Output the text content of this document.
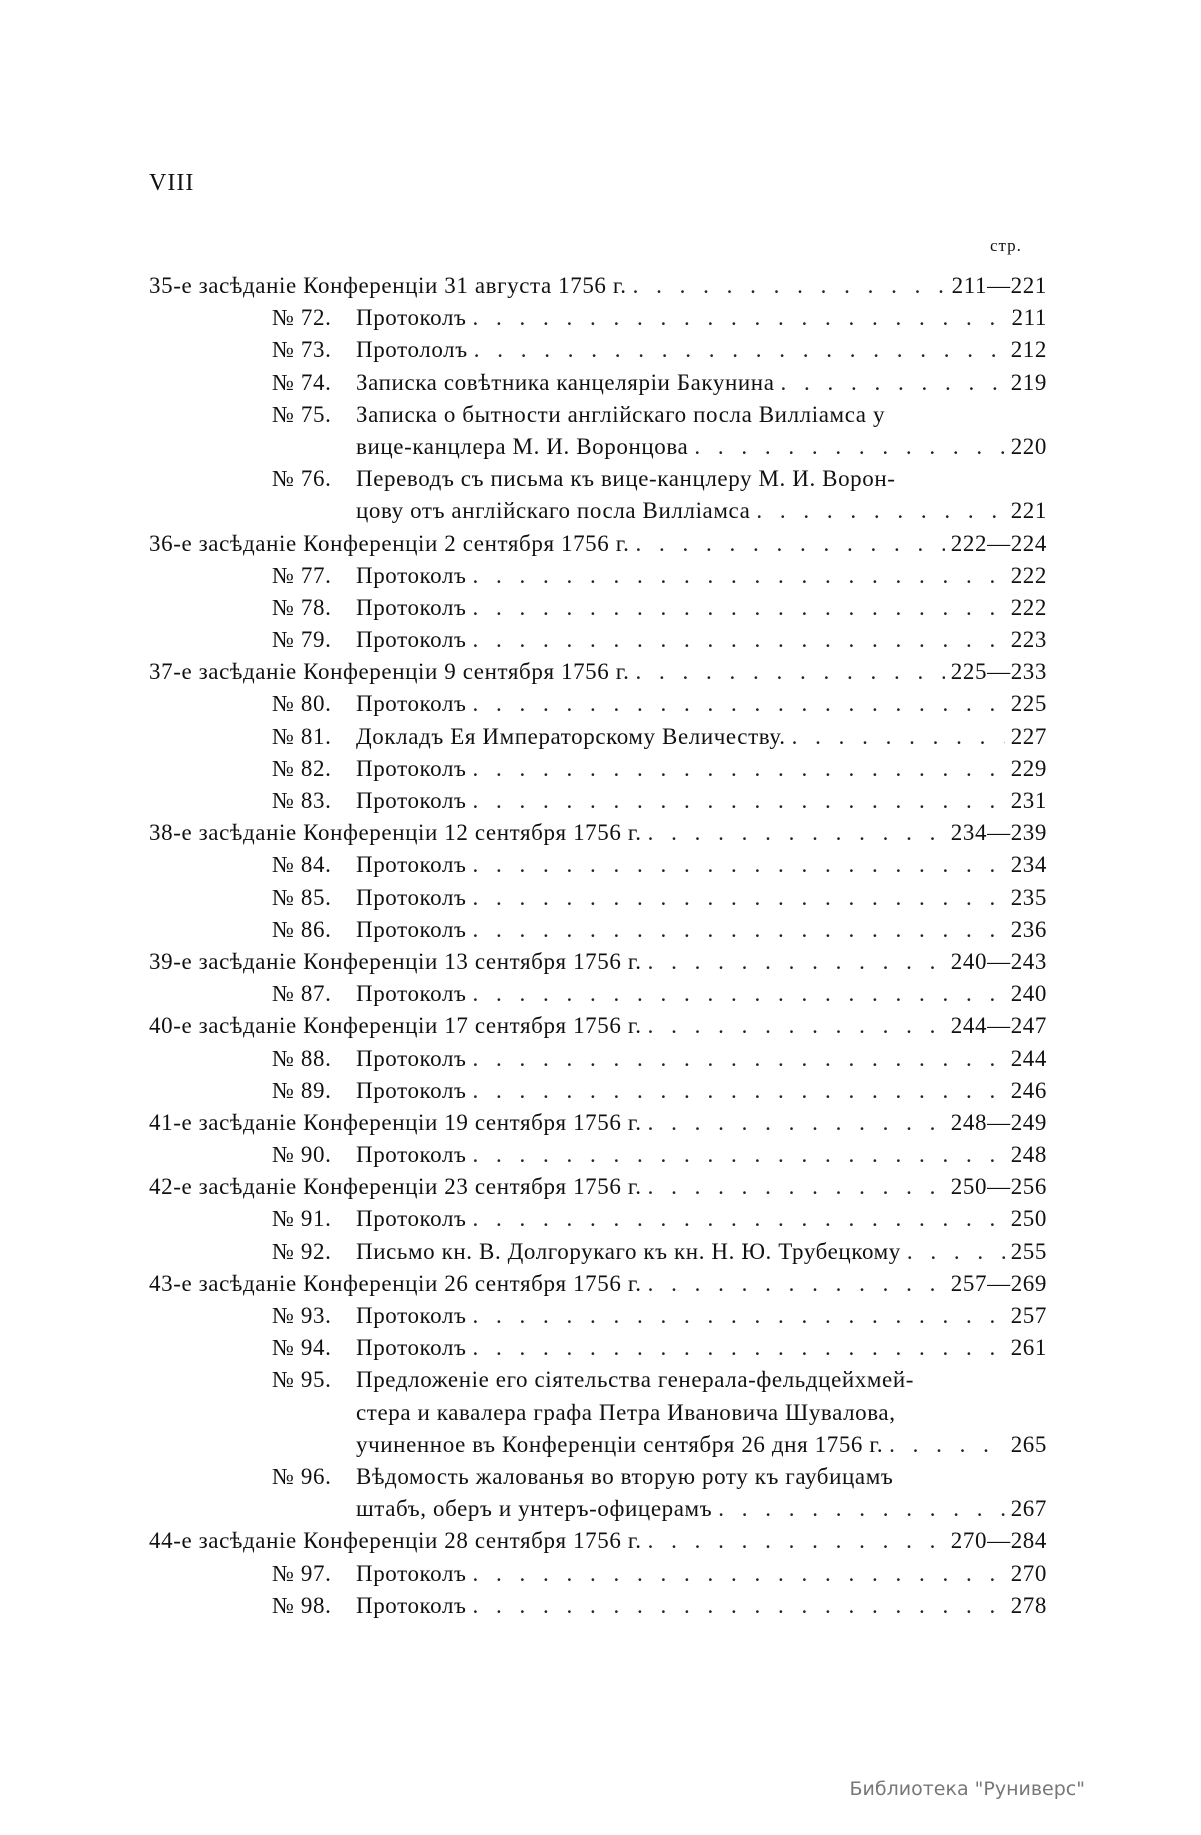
VIII
стр.
35-е засѣданіе Конференціи 31 августа 1756 г. . . .	211—221
№ 72.	Протоколъ . . .	211
№ 73.	Протололъ . . .	212
№ 74.	Записка совѣтника канцеляріи Бакунина . . .	219
№ 75.	Записка о бытности англійскаго посла Вилліамса у
вице-канцлера М. И. Воронцова . . .	220
№ 76.	Переводъ съ письма къ вице-канцлеру М. И. Ворон-
цову отъ англійскаго посла Вилліамса . . .	221
36-е засѣданіе Конференціи 2 сентября 1756 г. . . .	222—224
№ 77.	Протоколъ . . .	222
№ 78.	Протоколъ . . .	222
№ 79.	Протоколъ . . .	223
37-е засѣданіе Конференціи 9 сентября 1756 г. . . .	225—233
№ 80.	Протоколъ . . .	225
№ 81.	Докладъ Ея Императорскому Величеству. . . .	227
№ 82.	Протоколъ . . .	229
№ 83.	Протоколъ . . .	231
38-е засѣданіе Конференціи 12 сентября 1756 г. . . .	234—239
№ 84.	Протоколъ . . .	234
№ 85.	Протоколъ . . .	235
№ 86.	Протоколъ . . .	236
39-е засѣданіе Конференціи 13 сентября 1756 г. . . .	240—243
№ 87.	Протоколъ . . .	240
40-е засѣданіе Конференціи 17 сентября 1756 г. . . .	244—247
№ 88.	Протоколъ . . .	244
№ 89.	Протоколъ . . .	246
41-е засѣданіе Конференціи 19 сентября 1756 г. . . .	248—249
№ 90.	Протоколъ . . .	248
42-е засѣданіе Конференціи 23 сентября 1756 г. . . .	250—256
№ 91.	Протоколъ . . .	250
№ 92.	Письмо кн. В. Долгорукаго къ кн. Н. Ю. Трубецкому . . .	255
43-е засѣданіе Конференціи 26 сентября 1756 г. . . .	257—269
№ 93.	Протоколъ . . .	257
№ 94.	Протоколъ . . .	261
№ 95.	Предложеніе его сіятельства генерала-фельдцейхмей-
стера и кавалера графа Петра Ивановича Шувалова,
учиненное въ Конференціи сентября 26 дня 1756 г. . . .	265
№ 96.	Вѣдомость жалованья во вторую роту къ гаубицамъ
штабъ, оберъ и унтеръ-офицерамъ . . .	267
44-е засѣданіе Конференціи 28 сентября 1756 г. . . .	270—284
№ 97.	Протоколъ . . .	270
№ 98.	Протоколъ . . .	278
Библиотека "Руниверс"
